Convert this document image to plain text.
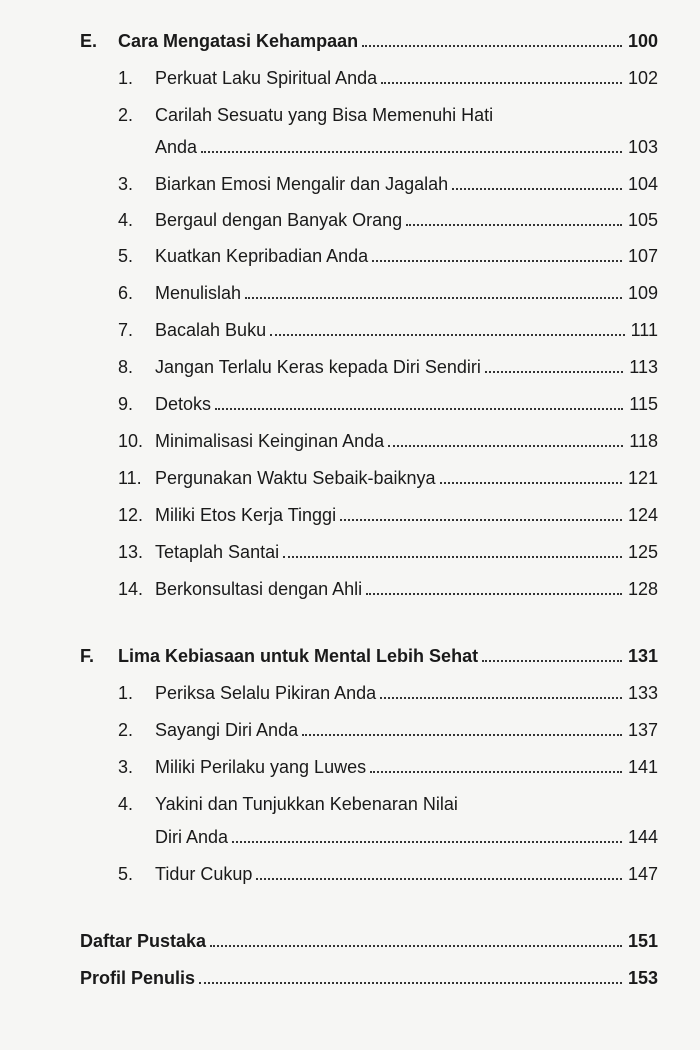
E. Cara Mengatasi Kehampaan	100
1. Perkuat Laku Spiritual Anda	102
2. Carilah Sesuatu yang Bisa Memenuhi Hati
Anda	103
3. Biarkan Emosi Mengalir dan Jagalah	104
4. Bergaul dengan Banyak Orang	105
5. Kuatkan Kepribadian Anda	107
6. Menulislah	109
7. Bacalah Buku	111
8. Jangan Terlalu Keras kepada Diri Sendiri	113
9. Detoks	115
10. Minimalisasi Keinginan Anda	118
11. Pergunakan Waktu Sebaik-baiknya	121
12. Miliki Etos Kerja Tinggi	124
13. Tetaplah Santai	125
14. Berkonsultasi dengan Ahli	128
F. Lima Kebiasaan untuk Mental Lebih Sehat	131
1. Periksa Selalu Pikiran Anda	133
2. Sayangi Diri Anda	137
3. Miliki Perilaku yang Luwes	141
4. Yakini dan Tunjukkan Kebenaran Nilai
Diri Anda	144
5. Tidur Cukup	147
Daftar Pustaka	151
Profil Penulis	153
